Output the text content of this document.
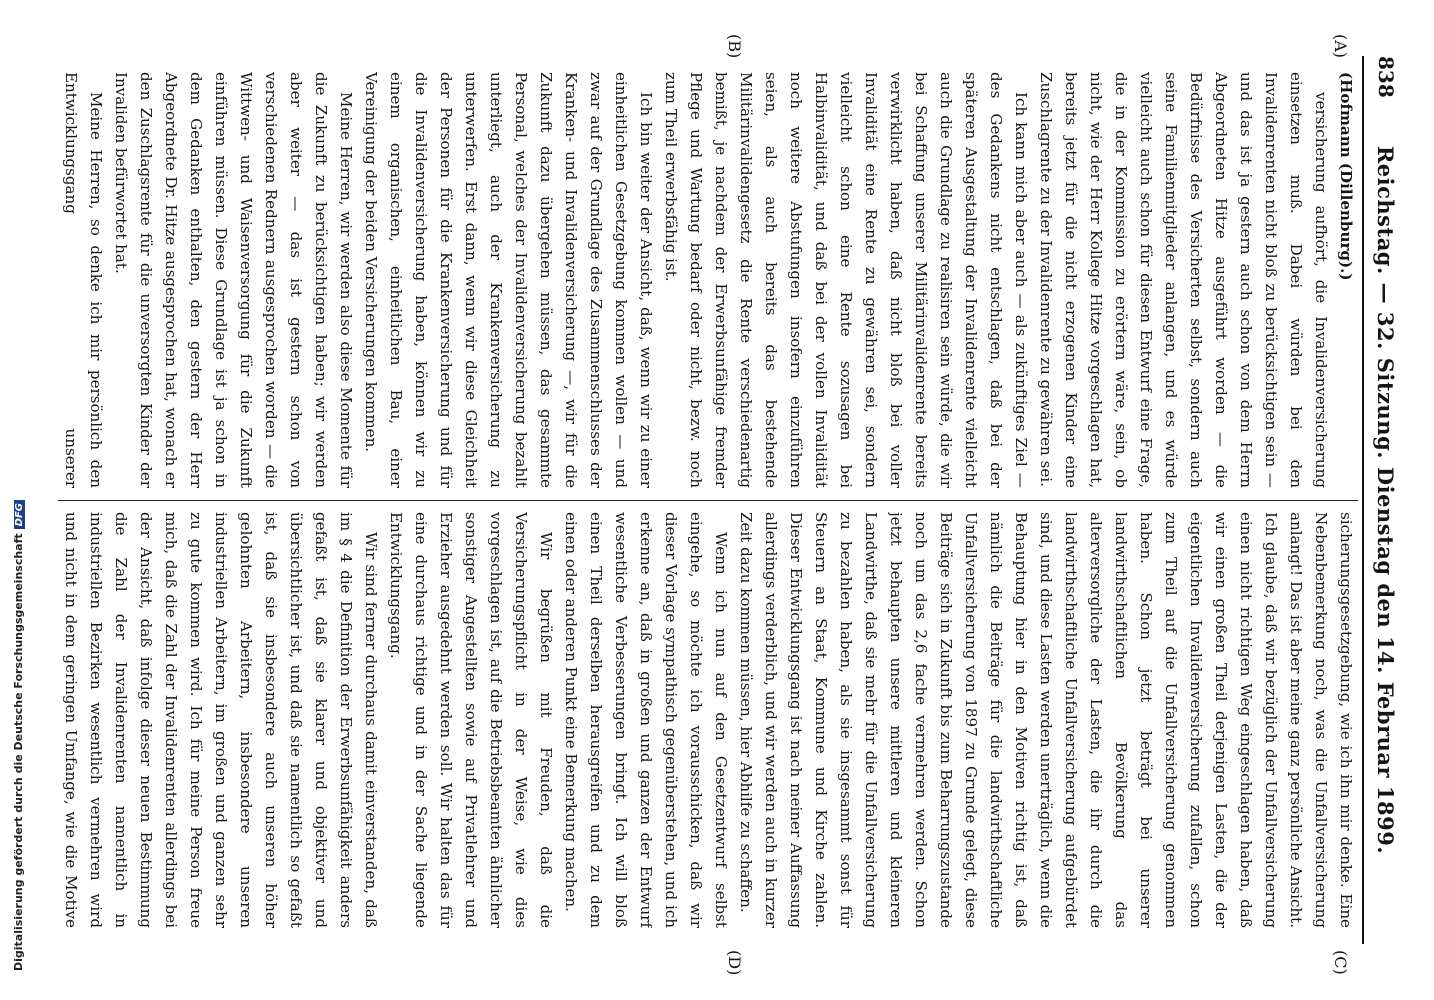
838
Reichstag. — 32. Sitzung. Dienstag den 14. Februar 1899.
(A)
(B)
(C)
(D)

(Hofmann (Dillenburg).)

versicherung aufhört, die Invalidenversicherung einsetzen muß. Dabei würden bei den Invalidenrenten nicht bloß zu berücksichtigen sein — und das ist ja gestern auch schon von dem Herrn Abgeordneten Hitze ausgeführt worden — die Bedürfnisse des Versicherten selbst, sondern auch seine Familienmitglieder anlangen, und es würde vielleicht auch schon für diesen Entwurf eine Frage, die in der Kommission zu erörtern wäre, sein, ob nicht, wie der Herr Kollege Hitze vorgeschlagen hat, bereits jetzt für die nicht erzogenen Kinder eine Zuschlagrente zu der Invalidenrente zu gewähren sei.

Ich kann mich aber auch — als zukünftiges Ziel — des Gedankens nicht entschlagen, daß bei der späteren Ausgestaltung der Invalidenrente vielleicht auch die Grundlage zu realisiren sein würde, die wir bei Schaffung unserer Militärinvalidenrente bereits verwirklicht haben, daß nicht bloß bei voller Invalidität eine Rente zu gewähren sei, sondern vielleicht schon eine Rente sozusagen bei Halbinvalidität, und daß bei der vollen Invalidität noch weitere Abstufungen insofern einzuführen seien, als auch bereits das bestehende Militärinvalidengesetz die Rente verschiedenartig bemißt, je nachdem der Erwerbsunfähige fremder Pflege und Wartung bedarf oder nicht, bezw. noch zum Theil erwerbsfähig ist.

Ich bin weiter der Ansicht, daß, wenn wir zu einer einheitlichen Gesetzgebung kommen wollen — und zwar auf der Grundlage des Zusammenschlusses der Kranken- und Invalidenversicherung —, wir für die Zukunft dazu übergehen müssen, das gesammte Personal, welches der Invalidenversicherung bezahlt unterliegt, auch der Krankenversicherung zu unterwerfen. Erst dann, wenn wir diese Gleichheit der Personen für die Krankenversicherung und für die Invalidenversicherung haben, können wir zu einem organischen, einheitlichen Bau, einer Vereinigung der beiden Versicherungen kommen.

Meine Herren, wir werden also diese Momente für die Zukunft zu berücksichtigen haben; wir werden aber weiter — das ist gestern schon von verschiedenen Rednern ausgesprochen worden — die Wittwen- und Waisenversorgung für die Zukunft einführen müssen. Diese Grundlage ist ja schon in dem Gedanken enthalten, den gestern der Herr Abgeordnete Dr. Hitze ausgesprochen hat, wonach er den Zuschlagsrente für die unversorgten Kinder der Invaliden befürwortet hat.

Meine Herren, so denke ich mir persönlich den Entwicklungsgang unserer

sicherungsgesetzgebung, wie ich ihn mir denke. Eine Nebenbemerkung noch, was die Unfallversicherung anlangt! Das ist aber meine ganz persönliche Ansicht. Ich glaube, daß wir bezüglich der Unfallversicherung einen nicht richtigen Weg eingeschlagen haben, daß wir einen großen Theil derjenigen Lasten, die der eigentlichen Invalidenversicherung zufallen, schon zum Theil auf die Unfallversicherung genommen haben. Schon jetzt beträgt bei unserer landwirthschaftlichen Bevölkerung das alterversorgliche der Lasten, die ihr durch die landwirthschaftliche Unfallversicherung aufgebürdet sind, und diese Lasten werden unerträglich, wenn die Behauptung hier in den Motiven richtig ist, daß nämlich die Beiträge für die landwirthschaftliche Unfallversicherung von 1897 zu Grunde gelegt, diese Beiträge sich in Zukunft bis zum Beharrungszustande noch um das 2,6 fache vermehren werden. Schon jetzt behaupten unsere mittleren und kleineren Landwirthe, daß sie mehr für die Unfallversicherung zu bezahlen haben, als sie insgesammt sonst für Steuern an Staat, Kommune und Kirche zahlen. Dieser Entwicklungsgang ist nach meiner Auffassung allerdings verderblich, und wir werden auch in kurzer Zeit dazu kommen müssen, hier Abhilfe zu schaffen.

Wenn ich nun auf den Gesetzentwurf selbst eingehe, so möchte ich vorausschicken, daß wir dieser Vorlage sympathisch gegenüberstehen, und ich erkenne an, daß in großen und ganzen der Entwurf wesentliche Verbesserungen bringt. Ich will bloß einen Theil derselben herausgreifen und zu dem einen oder anderen Punkt eine Bemerkung machen.

Wir begrüßen mit Freuden, daß die Versicherungspflicht in der Weise, wie dies vorgeschlagen ist, auf die Betriebsbeamten ähnlicher sonstiger Angestellten sowie auf Privatlehrer und Erzieher ausgedehnt werden soll. Wir halten das für eine durchaus richtige und in der Sache liegende Entwicklungsgang.

Wir sind ferner durchaus damit einverstanden, daß im § 4 die Definition der Erwerbsunfähigkeit anders gefaßt ist, daß sie klarer und objektiver und übersichtlicher ist, und daß sie namentlich so gefaßt ist, daß sie insbesondere auch unseren höher gelohnten Arbeitern, insbesondere unseren industriellen Arbeitern, im großen und ganzen sehr zu gute kommen wird. Ich für meine Person freue mich, daß die Zahl der Invalidenrenten allerdings bei der Ansicht, daß infolge dieser neuen Bestimmung die Zahl der Invalidenrenten namentlich in industriellen Bezirken wesentlich vermehren wird und nicht in dem geringen Umfange, wie die Motive

Digitalisierung gefördert durch die Deutsche ForschungsgemeinschaftDFG
